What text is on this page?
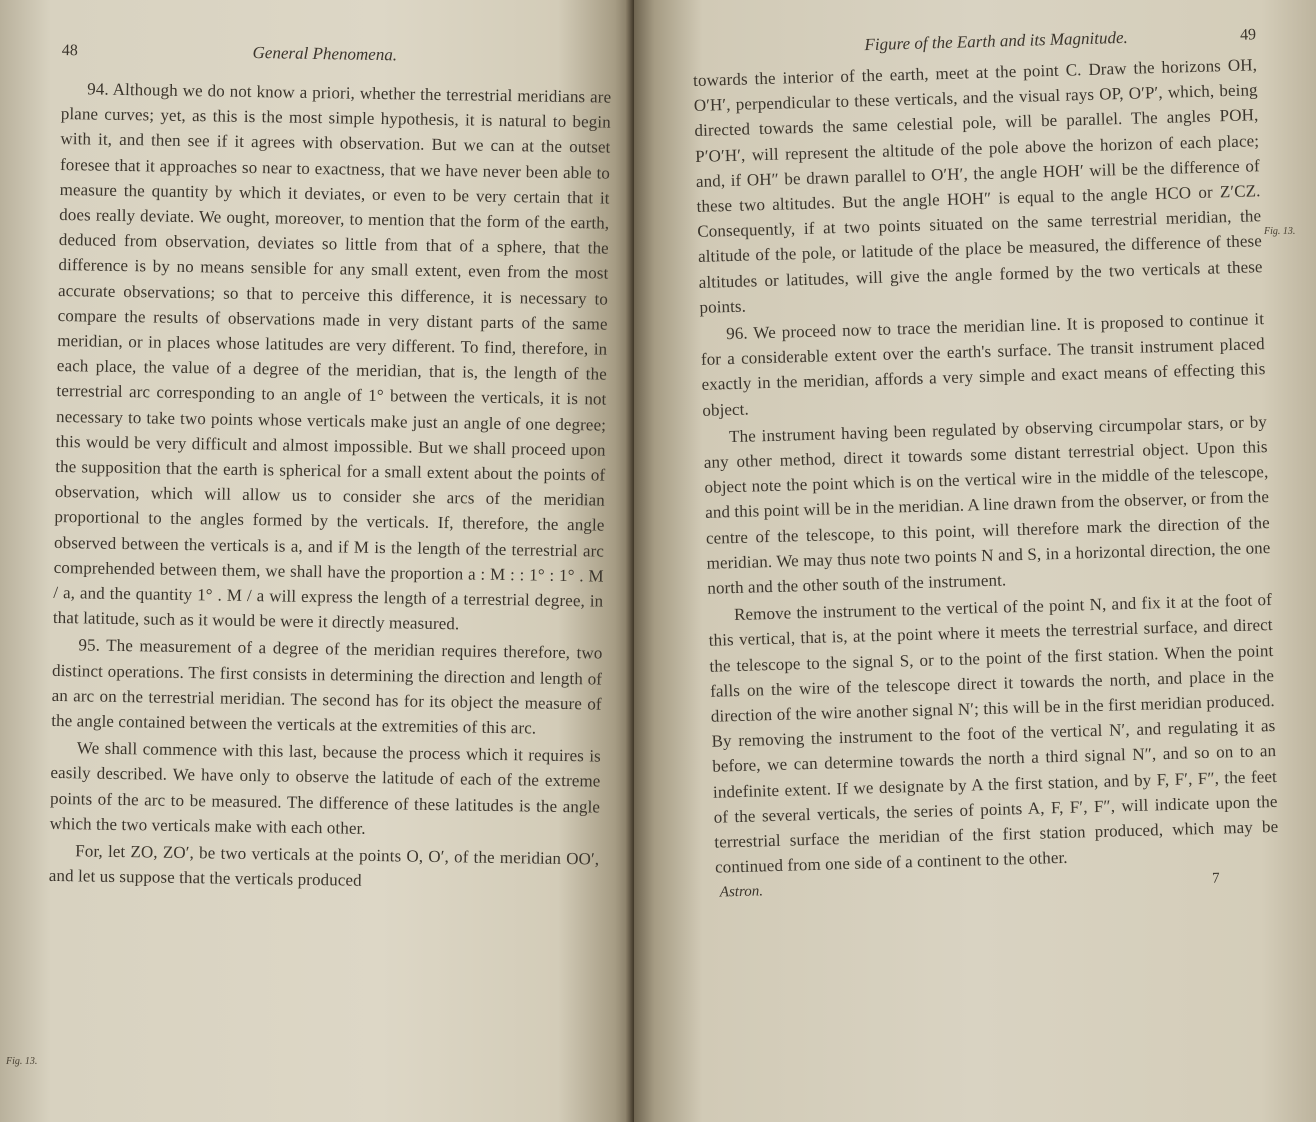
48	General Phenomena.

94. Although we do not know a priori, whether the terrestrial meridians are plane curves; yet, as this is the most simple hypothesis, it is natural to begin with it, and then see if it agrees with observation. But we can at the outset foresee that it approaches so near to exactness, that we have never been able to measure the quantity by which it deviates, or even to be very certain that it does really deviate. We ought, moreover, to mention that the form of the earth, deduced from observation, deviates so little from that of a sphere, that the difference is by no means sensible for any small extent, even from the most accurate observations; so that to perceive this difference, it is necessary to compare the results of observations made in very distant parts of the same meridian, or in places whose latitudes are very different. To find, therefore, in each place, the value of a degree of the meridian, that is, the length of the terrestrial arc corresponding to an angle of 1° between the verticals, it is not necessary to take two points whose verticals make just an angle of one degree; this would be very difficult and almost impossible. But we shall proceed upon the supposition that the earth is spherical for a small extent about the points of observation, which will allow us to consider she arcs of the meridian proportional to the angles formed by the verticals. If, therefore, the angle observed between the verticals is a, and if M is the length of the terrestrial arc comprehended between them, we shall have the proportion a : M : : 1° : 1° . M / a, and the quantity 1° . M / a will express the length of a terrestrial degree, in that latitude, such as it would be were it directly measured.

95. The measurement of a degree of the meridian requires therefore, two distinct operations. The first consists in determining the direction and length of an arc on the terrestrial meridian. The second has for its object the measure of the angle contained between the verticals at the extremities of this arc.

We shall commence with this last, because the process which it requires is easily described. We have only to observe the latitude of each of the extreme points of the arc to be measured. The difference of these latitudes is the angle which the two verticals make with each other.

For, let ZO, ZO′, be two verticals at the points O, O′, of the meridian OO′, and let us suppose that the verticals produced

Fig. 13.
Figure of the Earth and its Magnitude.	49

towards the interior of the earth, meet at the point C. Draw the horizons OH, O′H′, perpendicular to these verticals, and the visual rays OP, O′P′, which, being directed towards the same celestial pole, will be parallel. The angles POH, P′O′H′, will represent the altitude of the pole above the horizon of each place; and, if OH″ be drawn parallel to O′H′, the angle HOH′ will be the difference of these two altitudes. But the angle HOH″ is equal to the angle HCO or Z′CZ. Consequently, if at two points situated on the same terrestrial meridian, the altitude of the pole, or latitude of the place be measured, the difference of these altitudes or latitudes, will give the angle formed by the two verticals at these points.

96. We proceed now to trace the meridian line. It is proposed to continue it for a considerable extent over the earth's surface. The transit instrument placed exactly in the meridian, affords a very simple and exact means of effecting this object.

The instrument having been regulated by observing circumpolar stars, or by any other method, direct it towards some distant terrestrial object. Upon this object note the point which is on the vertical wire in the middle of the telescope, and this point will be in the meridian. A line drawn from the observer, or from the centre of the telescope, to this point, will therefore mark the direction of the meridian. We may thus note two points N and S, in a horizontal direction, the one north and the other south of the instrument.

Remove the instrument to the vertical of the point N, and fix it at the foot of this vertical, that is, at the point where it meets the terrestrial surface, and direct the telescope to the signal S, or to the point of the first station. When the point falls on the wire of the telescope direct it towards the north, and place in the direction of the wire another signal N′; this will be in the first meridian produced. By removing the instrument to the foot of the vertical N′, and regulating it as before, we can determine towards the north a third signal N″, and so on to an indefinite extent. If we designate by A the first station, and by F, F′, F″, the feet of the several verticals, the series of points A, F, F′, F″, will indicate upon the terrestrial surface the meridian of the first station produced, which may be continued from one side of a continent to the other.

Astron.
7
Fig. 13.
